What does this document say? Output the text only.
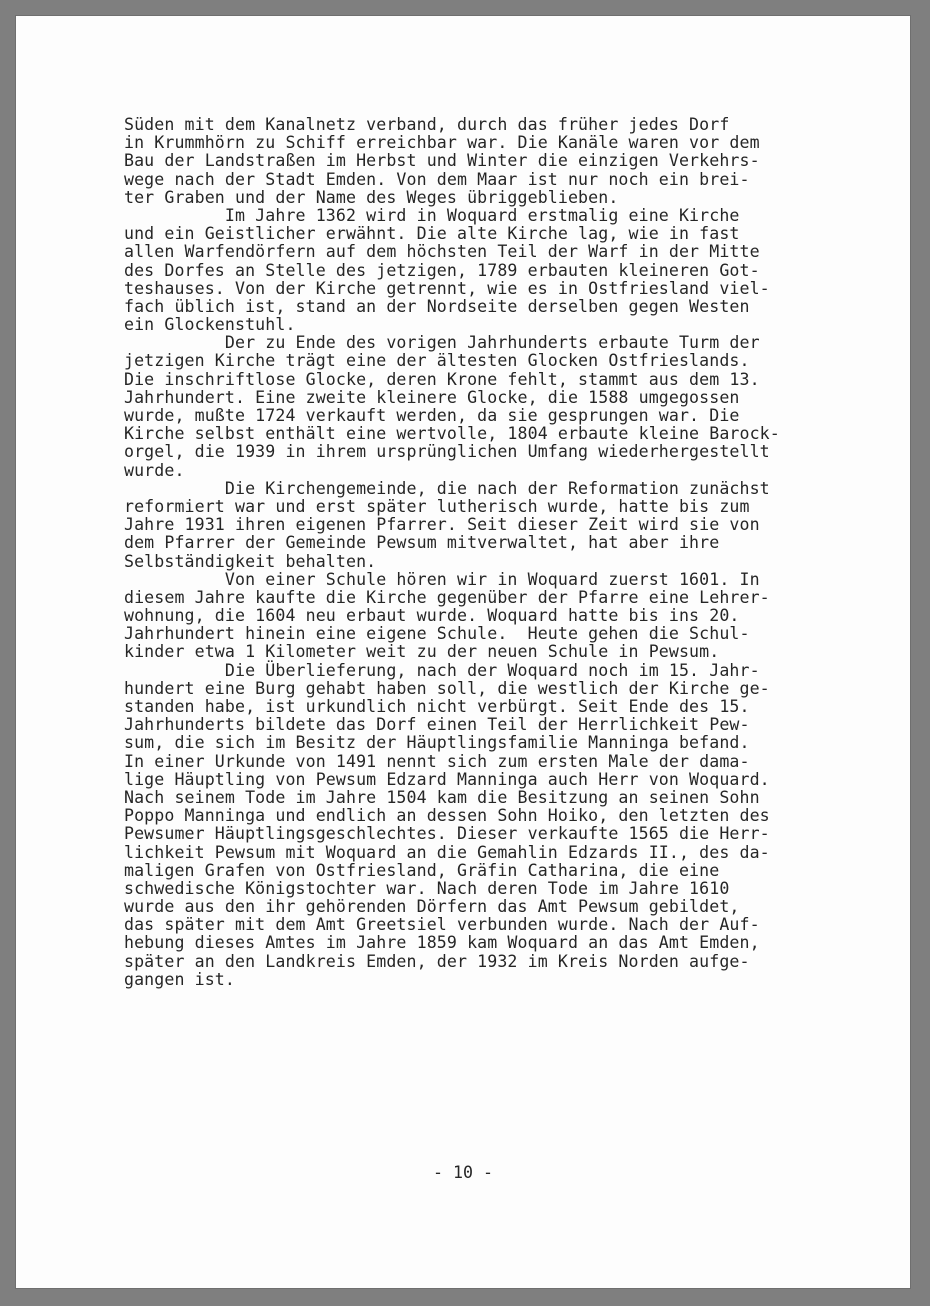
Süden mit dem Kanalnetz verband, durch das früher jedes Dorf
in Krummhörn zu Schiff erreichbar war. Die Kanäle waren vor dem
Bau der Landstraßen im Herbst und Winter die einzigen Verkehrs-
wege nach der Stadt Emden. Von dem Maar ist nur noch ein brei-
ter Graben und der Name des Weges übriggeblieben.
Im Jahre 1362 wird in Woquard erstmalig eine Kirche
und ein Geistlicher erwähnt. Die alte Kirche lag, wie in fast
allen Warfendörfern auf dem höchsten Teil der Warf in der Mitte
des Dorfes an Stelle des jetzigen, 1789 erbauten kleineren Got-
teshauses. Von der Kirche getrennt, wie es in Ostfriesland viel-
fach üblich ist, stand an der Nordseite derselben gegen Westen
ein Glockenstuhl.
Der zu Ende des vorigen Jahrhunderts erbaute Turm der
jetzigen Kirche trägt eine der ältesten Glocken Ostfrieslands.
Die inschriftlose Glocke, deren Krone fehlt, stammt aus dem 13.
Jahrhundert. Eine zweite kleinere Glocke, die 1588 umgegossen
wurde, mußte 1724 verkauft werden, da sie gesprungen war. Die
Kirche selbst enthält eine wertvolle, 1804 erbaute kleine Barock-
orgel, die 1939 in ihrem ursprünglichen Umfang wiederhergestellt
wurde.
Die Kirchengemeinde, die nach der Reformation zunächst
reformiert war und erst später lutherisch wurde, hatte bis zum
Jahre 1931 ihren eigenen Pfarrer. Seit dieser Zeit wird sie von
dem Pfarrer der Gemeinde Pewsum mitverwaltet, hat aber ihre
Selbständigkeit behalten.
Von einer Schule hören wir in Woquard zuerst 1601. In
diesem Jahre kaufte die Kirche gegenüber der Pfarre eine Lehrer-
wohnung, die 1604 neu erbaut wurde. Woquard hatte bis ins 20.
Jahrhundert hinein eine eigene Schule.  Heute gehen die Schul-
kinder etwa 1 Kilometer weit zu der neuen Schule in Pewsum.
Die Überlieferung, nach der Woquard noch im 15. Jahr-
hundert eine Burg gehabt haben soll, die westlich der Kirche ge-
standen habe, ist urkundlich nicht verbürgt. Seit Ende des 15.
Jahrhunderts bildete das Dorf einen Teil der Herrlichkeit Pew-
sum, die sich im Besitz der Häuptlingsfamilie Manninga befand.
In einer Urkunde von 1491 nennt sich zum ersten Male der dama-
lige Häuptling von Pewsum Edzard Manninga auch Herr von Woquard.
Nach seinem Tode im Jahre 1504 kam die Besitzung an seinen Sohn
Poppo Manninga und endlich an dessen Sohn Hoiko, den letzten des
Pewsumer Häuptlingsgeschlechtes. Dieser verkaufte 1565 die Herr-
lichkeit Pewsum mit Woquard an die Gemahlin Edzards II., des da-
maligen Grafen von Ostfriesland, Gräfin Catharina, die eine
schwedische Königstochter war. Nach deren Tode im Jahre 1610
wurde aus den ihr gehörenden Dörfern das Amt Pewsum gebildet,
das später mit dem Amt Greetsiel verbunden wurde. Nach der Auf-
hebung dieses Amtes im Jahre 1859 kam Woquard an das Amt Emden,
später an den Landkreis Emden, der 1932 im Kreis Norden aufge-
gangen ist.
- 10 -
